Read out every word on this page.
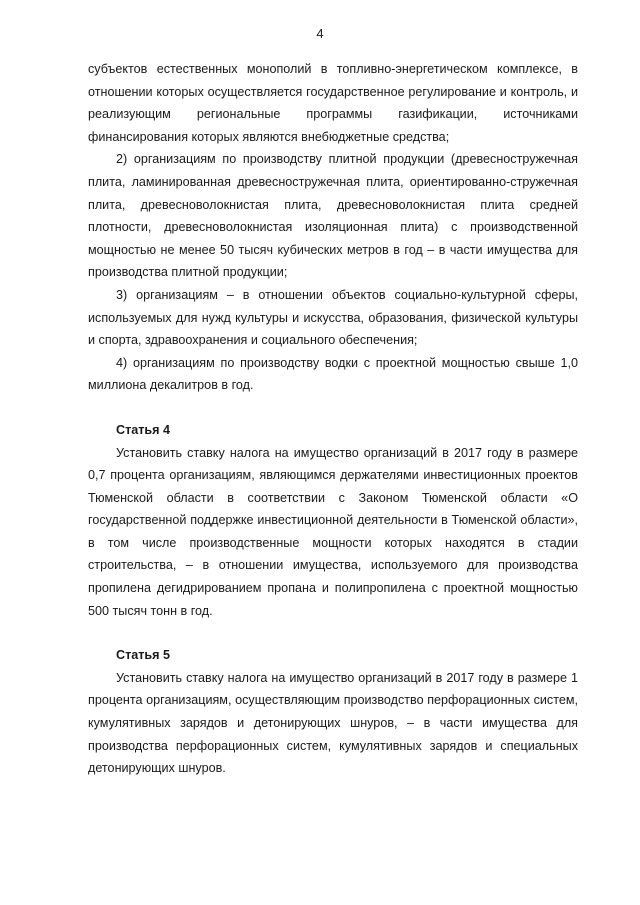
4

субъектов естественных монополий в топливно-энергетическом комплексе, в отношении которых осуществляется государственное регулирование и контроль, и реализующим региональные программы газификации, источниками финансирования которых являются внебюджетные средства;

2) организациям по производству плитной продукции (древесностружечная плита, ламинированная древесностружечная плита, ориентированно-стружечная плита, древесноволокнистая плита, древесноволокнистая плита средней плотности, древесноволокнистая изоляционная плита) с производственной мощностью не менее 50 тысяч кубических метров в год – в части имущества для производства плитной продукции;

3) организациям – в отношении объектов социально-культурной сферы, используемых для нужд культуры и искусства, образования, физической культуры и спорта, здравоохранения и социального обеспечения;

4) организациям по производству водки с проектной мощностью свыше 1,0 миллиона декалитров в год.

Статья 4

Установить ставку налога на имущество организаций в 2017 году в размере 0,7 процента организациям, являющимся держателями инвестиционных проектов Тюменской области в соответствии с Законом Тюменской области «О государственной поддержке инвестиционной деятельности в Тюменской области», в том числе производственные мощности которых находятся в стадии строительства, – в отношении имущества, используемого для производства пропилена дегидрированием пропана и полипропилена с проектной мощностью 500 тысяч тонн в год.

Статья 5

Установить ставку налога на имущество организаций в 2017 году в размере 1 процента организациям, осуществляющим производство перфорационных систем, кумулятивных зарядов и детонирующих шнуров, – в части имущества для производства перфорационных систем, кумулятивных зарядов и специальных детонирующих шнуров.
